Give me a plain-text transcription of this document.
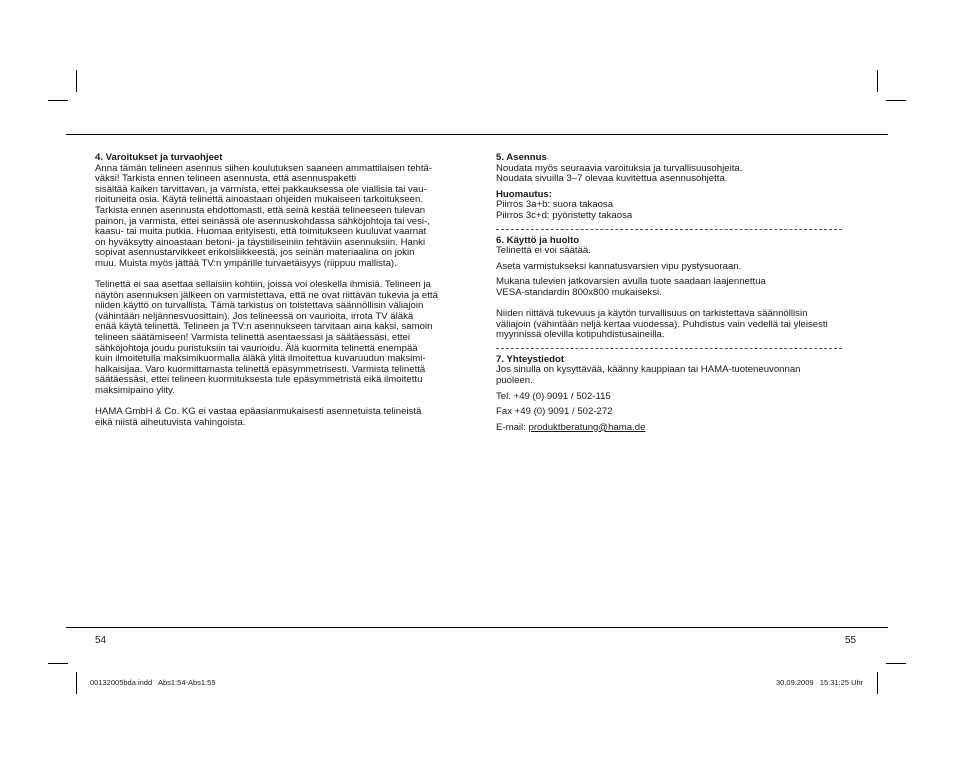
4. Varoitukset ja turvaohjeet

Anna tämän telineen asennus siihen koulutuksen saaneen ammattilaisen tehtä-

väksi! Tarkista ennen telineen asennusta, että asennuspaketti

sisältää kaiken tarvittavan, ja varmista, ettei pakkauksessa ole viallisia tai vau-

rioituneita osia. Käytä telinettä ainoastaan ohjeiden mukaiseen tarkoitukseen.

Tarkista ennen asennusta ehdottomasti, että seinä kestää telineeseen tulevan

painon, ja varmista, ettei seinässä ole asennuskohdassa sähköjohtoja tai vesi-,

kaasu- tai muita putkia. Huomaa erityisesti, että toimitukseen kuuluvat vaarnat

on hyväksytty ainoastaan betoni- ja täystiiliseiniin tehtäviin asennuksiin. Hanki

sopivat asennustarvikkeet erikoisliikkeestä, jos seinän materiaalina on jokin

muu. Muista myös jättää TV:n ympärille turvaetäisyys (riippuu mallista).

Telinettä ei saa asettaa sellaisiin kohtiin, joissa voi oleskella ihmisiä. Telineen ja

näytön asennuksen jälkeen on varmistettava, että ne ovat riittävän tukevia ja että

niiden käyttö on turvallista. Tämä tarkistus on toistettava säännöllisin väliajoin

(vähintään neljännesvuosittain). Jos telineessä on vaurioita, irrota TV äläkä

enää käytä telinettä. Telineen ja TV:n asennukseen tarvitaan aina kaksi, samoin

telineen säätämiseen! Varmista telinettä asentaessasi ja säätäessäsi, ettei

sähköjohtoja joudu puristuksiin tai vaurioidu. Älä kuormita telinettä enempää

kuin ilmoitetulla maksimikuormalla äläkä ylitä ilmoitettua kuvaruudun maksimi-

halkaisijaa. Varo kuormittamasta telinettä epäsymmetrisesti. Varmista telinettä

säätäessäsi, ettei telineen kuormituksesta tule epäsymmetristä eikä ilmoitettu

maksimipaino ylity.

HAMA GmbH & Co. KG ei vastaa epäasianmukaisesti asennetuista telineistä

eikä niistä aiheutuvista vahingoista.

5. Asennus

Noudata myös seuraavia varoituksia ja turvallisuusohjeita.

Noudata sivuilla 3–7 olevaa kuvitettua asennusohjetta.

Huomautus:

Piirros 3a+b: suora takaosa

Piirros 3c+d: pyöristetty takaosa

6. Käyttö ja huolto

Telinettä ei voi säätää.

Aseta varmistukseksi kannatusvarsien vipu pystysuoraan.

Mukana tulevien jatkovarsien avulla tuote saadaan laajennettua

VESA-standardin 800x800 mukaiseksi.

Niiden riittävä tukevuus ja käytön turvallisuus on tarkistettava säännöllisin

väliajoin (vähintään neljä kertaa vuodessa). Puhdistus vain vedellä tai yleisesti

myynnissä olevilla kotipuhdistusaineilla.

7. Yhteystiedot

Jos sinulla on kysyttävää, käänny kauppiaan tai HAMA-tuoteneuvonnan

puoleen.

Tel. +49 (0) 9091 / 502-115

Fax +49 (0) 9091 / 502-272

E-mail: produktberatung@hama.de

54	55
00132005bda.indd   Abs1:54-Abs1:55	30.09.2009   15:31:25 Uhr
